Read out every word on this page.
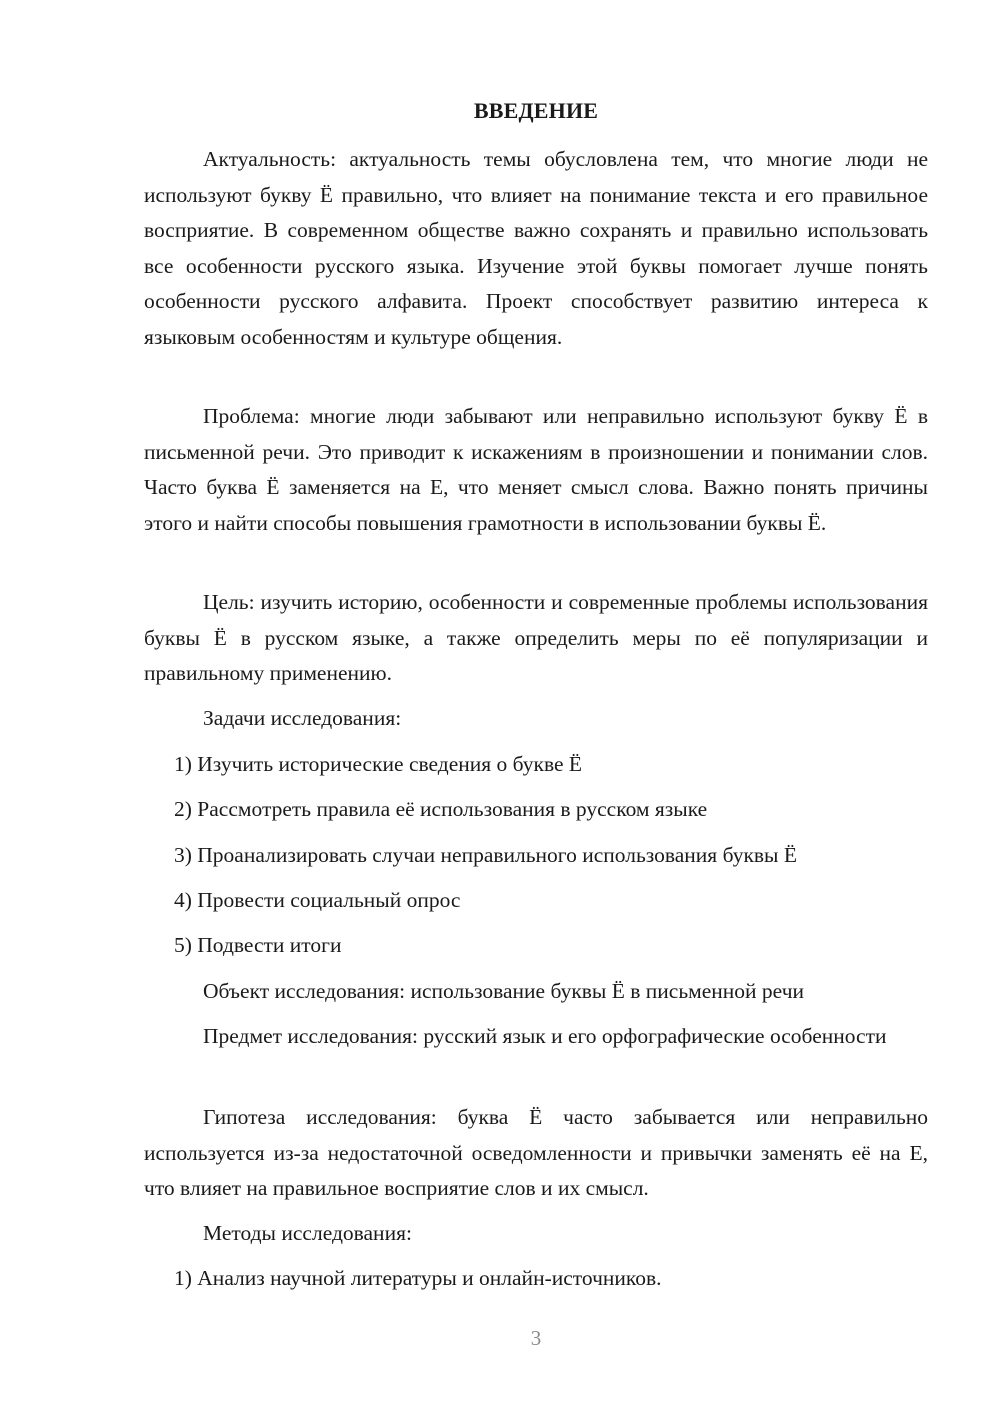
ВВЕДЕНИЕ

Актуальность: актуальность темы обусловлена тем, что многие люди не используют букву Ё правильно, что влияет на понимание текста и его правильное восприятие. В современном обществе важно сохранять и правильно использовать все особенности русского языка. Изучение этой буквы помогает лучше понять особенности русского алфавита. Проект способствует развитию интереса к языковым особенностям и культуре общения.

Проблема: многие люди забывают или неправильно используют букву Ё в письменной речи. Это приводит к искажениям в произношении и понимании слов. Часто буква Ё заменяется на Е, что меняет смысл слова. Важно понять причины этого и найти способы повышения грамотности в использовании буквы Ё.

Цель: изучить историю, особенности и современные проблемы использования буквы Ё в русском языке, а также определить меры по её популяризации и правильному применению.

Задачи исследования:
1) Изучить исторические сведения о букве Ё
2) Рассмотреть правила её использования в русском языке
3) Проанализировать случаи неправильного использования буквы Ё
4) Провести социальный опрос
5) Подвести итоги
Объект исследования: использование буквы Ё в письменной речи

Предмет исследования: русский язык и его орфографические особенности

Гипотеза исследования: буква Ё часто забывается или неправильно используется из-за недостаточной осведомленности и привычки заменять её на Е, что влияет на правильное восприятие слов и их смысл.

Методы исследования:
1) Анализ научной литературы и онлайн-источников.
3
